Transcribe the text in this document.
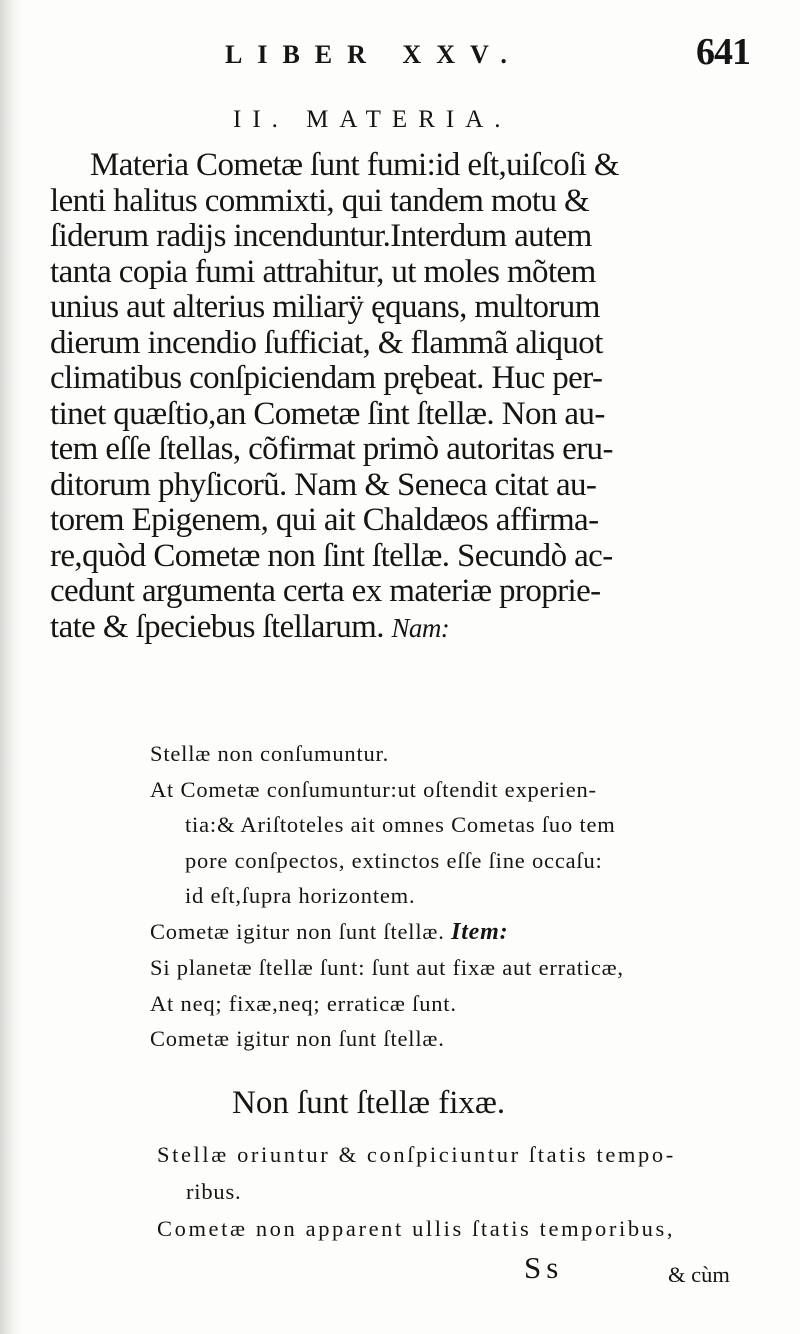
LIBER XXV.	641
II. MATERIA.
Materia Cometæ ſunt fumi:id eſt,uiſcoſi &
lenti halitus commixti, qui tandem motu &
ſiderum radijs incenduntur.Interdum autem
tanta copia fumi attrahitur, ut moles mõtem
unius aut alterius miliarÿ ęquans, multorum
dierum incendio ſufficiat, & flammã aliquot
climatibus conſpiciendam prębeat. Huc per-
tinet quæſtio,an Cometæ ſint ſtellæ. Non au-
tem eſſe ſtellas, cõfirmat primò autoritas eru-
ditorum phyſicorũ. Nam & Seneca citat au-
torem Epigenem, qui ait Chaldæos affirma-
re,quòd Cometæ non ſint ſtellæ. Secundò ac-
cedunt argumenta certa ex materiæ proprie-
tate & ſpeciebus ſtellarum. Nam:
Stellæ non conſumuntur.
At Cometæ conſumuntur:ut oſtendit experien-
tia:& Ariſtoteles ait omnes Cometas ſuo tem
pore conſpectos, extinctos eſſe ſine occaſu:
id eſt,ſupra horizontem.
Cometæ igitur non ſunt ſtellæ. Item:
Si planetæ ſtellæ ſunt: ſunt aut fixæ aut erraticæ,
At neq; fixæ,neq; erraticæ ſunt.
Cometæ igitur non ſunt ſtellæ.
Non ſunt ſtellæ fixæ.
Stellæ oriuntur & conſpiciuntur ſtatis tempo-
ribus.
Cometæ non apparent ullis ſtatis temporibus,
Ss	& cùm
